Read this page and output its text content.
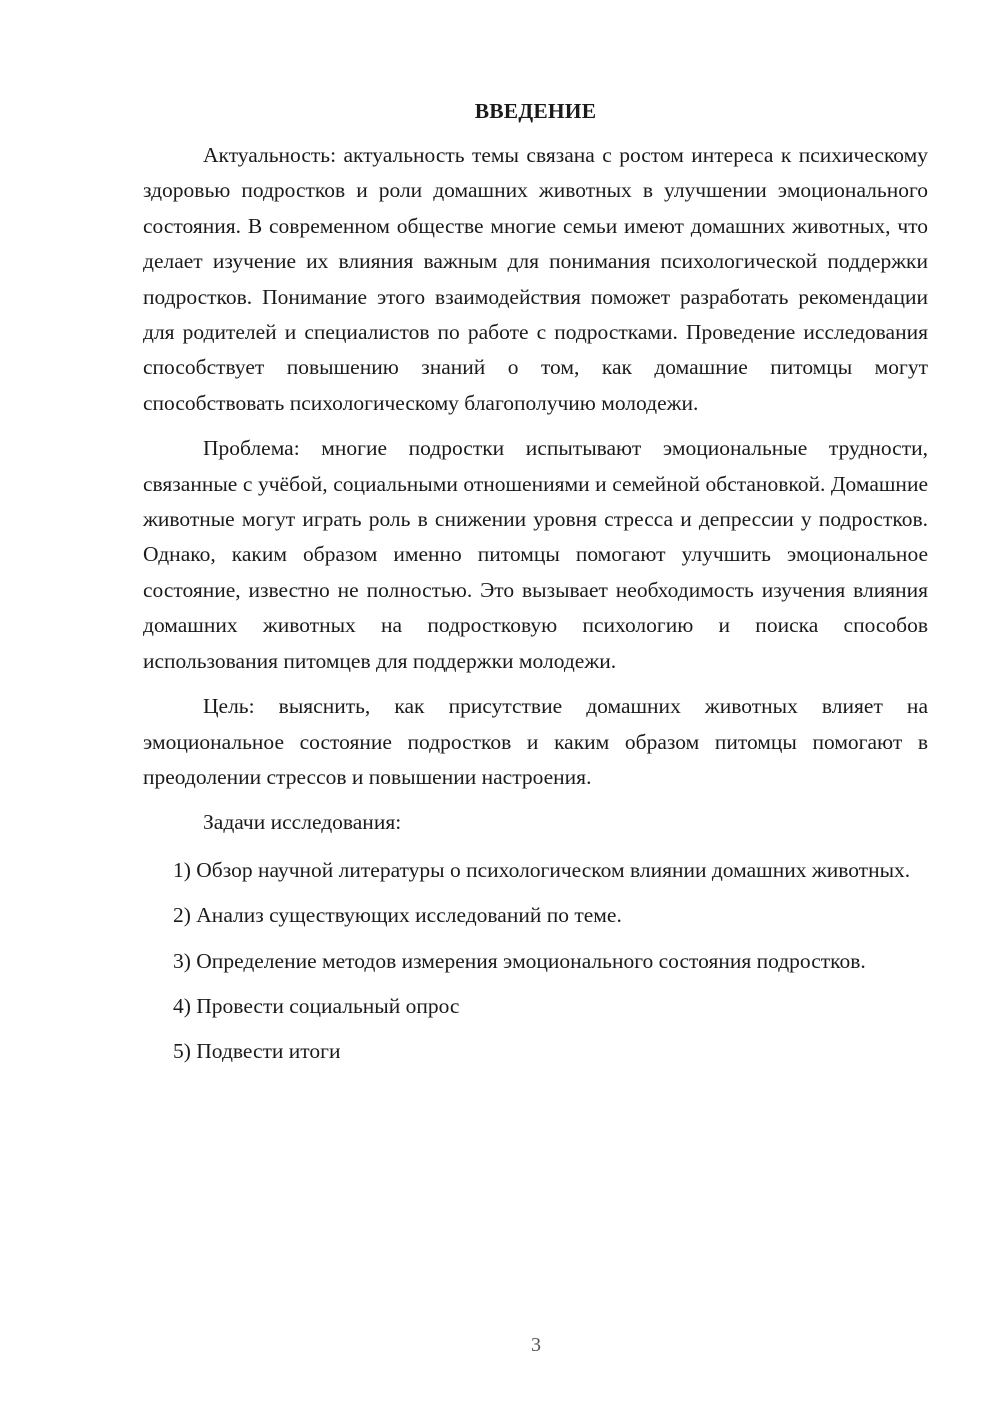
ВВЕДЕНИЕ

Актуальность: актуальность темы связана с ростом интереса к психическому здоровью подростков и роли домашних животных в улучшении эмоционального состояния. В современном обществе многие семьи имеют домашних животных, что делает изучение их влияния важным для понимания психологической поддержки подростков. Понимание этого взаимодействия поможет разработать рекомендации для родителей и специалистов по работе с подростками. Проведение исследования способствует повышению знаний о том, как домашние питомцы могут способствовать психологическому благополучию молодежи.

Проблема: многие подростки испытывают эмоциональные трудности, связанные с учёбой, социальными отношениями и семейной обстановкой. Домашние животные могут играть роль в снижении уровня стресса и депрессии у подростков. Однако, каким образом именно питомцы помогают улучшить эмоциональное состояние, известно не полностью. Это вызывает необходимость изучения влияния домашних животных на подростковую психологию и поиска способов использования питомцев для поддержки молодежи.

Цель: выяснить, как присутствие домашних животных влияет на эмоциональное состояние подростков и каким образом питомцы помогают в преодолении стрессов и повышении настроения.

Задачи исследования:

1) Обзор научной литературы о психологическом влиянии домашних животных.

2) Анализ существующих исследований по теме.

3) Определение методов измерения эмоционального состояния подростков.

4) Провести социальный опрос

5) Подвести итоги

3
